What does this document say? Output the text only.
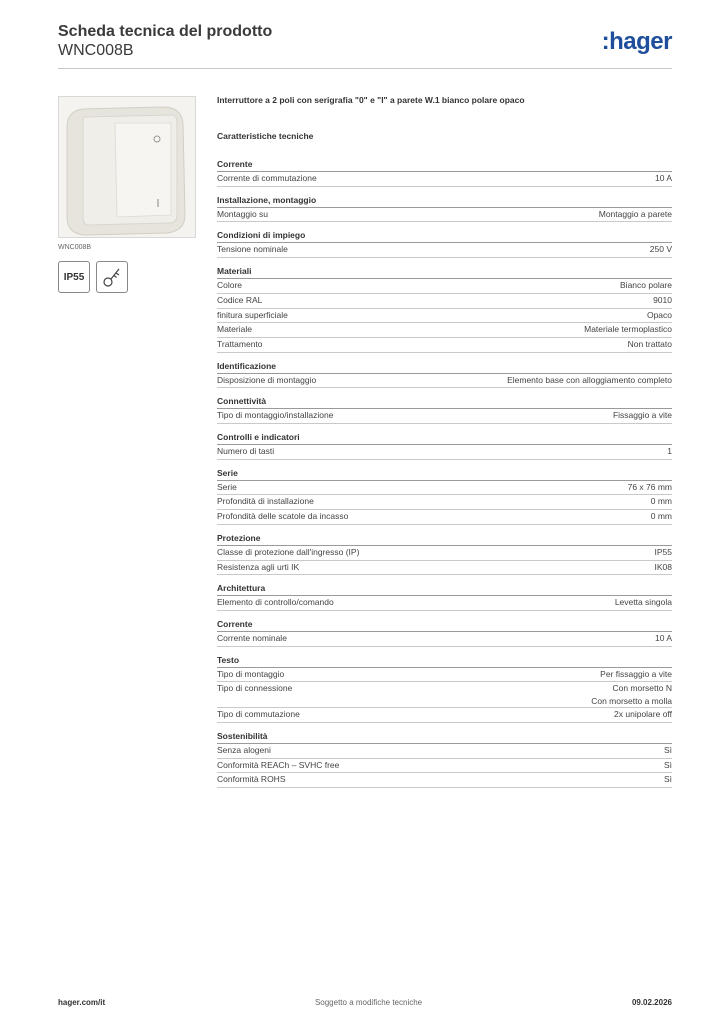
Scheda tecnica del prodotto
WNC008B	:hager
WNC008B
IP55
Interruttore a 2 poli con serigrafia "0" e "I" a parete W.1 bianco polare opaco
Caratteristiche tecniche
Corrente
Corrente di commutazione	10 A
Installazione, montaggio
Montaggio su	Montaggio a parete
Condizioni di impiego
Tensione nominale	250 V
Materiali
Colore	Bianco polare
Codice RAL	9010
finitura superficiale	Opaco
Materiale	Materiale termoplastico
Trattamento	Non trattato
Identificazione
Disposizione di montaggio	Elemento base con alloggiamento completo
Connettività
Tipo di montaggio/installazione	Fissaggio a vite
Controlli e indicatori
Numero di tasti	1
Serie
Serie	76 x 76 mm
Profondità di installazione	0 mm
Profondità delle scatole da incasso	0 mm
Protezione
Classe di protezione dall'ingresso (IP)	IP55
Resistenza agli urti IK	IK08
Architettura
Elemento di controllo/comando	Levetta singola
Corrente
Corrente nominale	10 A
Testo
Tipo di montaggio	Per fissaggio a vite
Tipo di connessione	Con morsetto N
Con morsetto a molla
Tipo di commutazione	2x unipolare off
Sostenibilità
Senza alogeni	Sì
Conformità REACh – SVHC free	Sì
Conformità ROHS	Sì
hager.com/it	Soggetto a modifiche tecniche	09.02.2026
